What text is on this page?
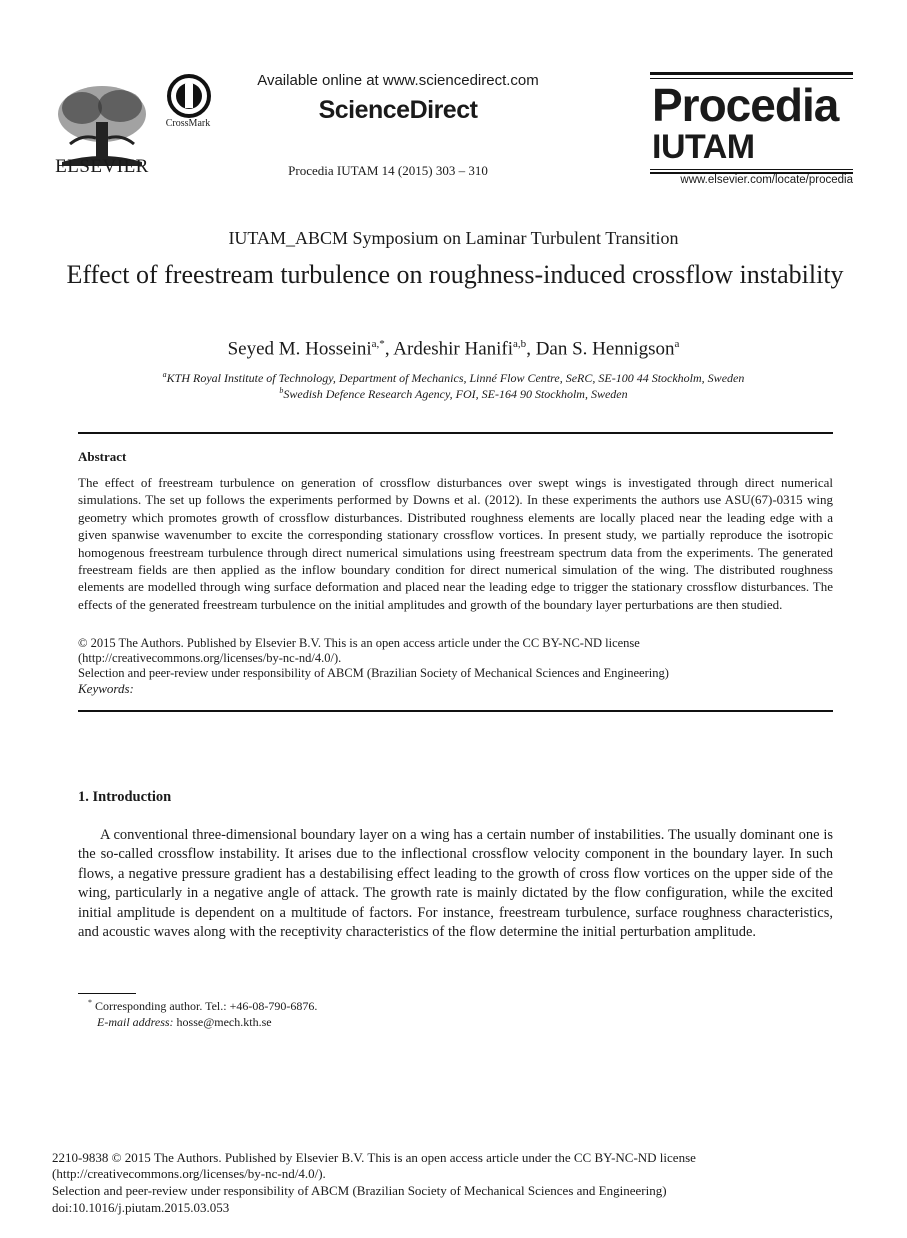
ELSEVIER
CrossMark
Available online at www.sciencedirect.com
ScienceDirect
Procedia IUTAM 14 (2015) 303 – 310
Procedia
IUTAM
www.elsevier.com/locate/procedia
IUTAM_ABCM Symposium on Laminar Turbulent Transition
Effect of freestream turbulence on roughness-induced crossflow instability
Seyed M. Hosseini$^{a,*}$, Ardeshir Hanifi$^{a,b}$, Dan S. Hennigson$^a$
$^a$KTH Royal Institute of Technology, Department of Mechanics, Linné Flow Centre, SeRC, SE-100 44 Stockholm, Sweden
$^b$Swedish Defence Research Agency, FOI, SE-164 90 Stockholm, Sweden
Abstract
The effect of freestream turbulence on generation of crossflow disturbances over swept wings is investigated through direct numerical simulations. The set up follows the experiments performed by Downs et al. (2012). In these experiments the authors use ASU(67)-0315 wing geometry which promotes growth of crossflow disturbances. Distributed roughness elements are locally placed near the leading edge with a given spanwise wavenumber to excite the corresponding stationary crossflow vortices. In present study, we partially reproduce the isotropic homogenous freestream turbulence through direct numerical simulations using freestream spectrum data from the experiments. The generated freestream fields are then applied as the inflow boundary condition for direct numerical simulation of the wing. The distributed roughness elements are modelled through wing surface deformation and placed near the leading edge to trigger the stationary crossflow disturbances. The effects of the generated freestream turbulence on the initial amplitudes and growth of the boundary layer perturbations are then studied.
© 2015 The Authors. Published by Elsevier B.V. This is an open access article under the CC BY-NC-ND license
(http://creativecommons.org/licenses/by-nc-nd/4.0/).
Selection and peer-review under responsibility of ABCM (Brazilian Society of Mechanical Sciences and Engineering)
Keywords:
1. Introduction
A conventional three-dimensional boundary layer on a wing has a certain number of instabilities. The usually dominant one is the so-called crossflow instability. It arises due to the inflectional crossflow velocity component in the boundary layer. In such flows, a negative pressure gradient has a destabilising effect leading to the growth of cross flow vortices on the upper side of the wing, particularly in a negative angle of attack. The growth rate is mainly dictated by the flow configuration, while the excited initial amplitude is dependent on a multitude of factors. For instance, freestream turbulence, surface roughness characteristics, and acoustic waves along with the receptivity characteristics of the flow determine the initial perturbation amplitude.
* Corresponding author. Tel.: +46-08-790-6876.
E-mail address: hosse@mech.kth.se
2210-9838 © 2015 The Authors. Published by Elsevier B.V. This is an open access article under the CC BY-NC-ND license
(http://creativecommons.org/licenses/by-nc-nd/4.0/).
Selection and peer-review under responsibility of ABCM (Brazilian Society of Mechanical Sciences and Engineering)
doi:10.1016/j.piutam.2015.03.053
